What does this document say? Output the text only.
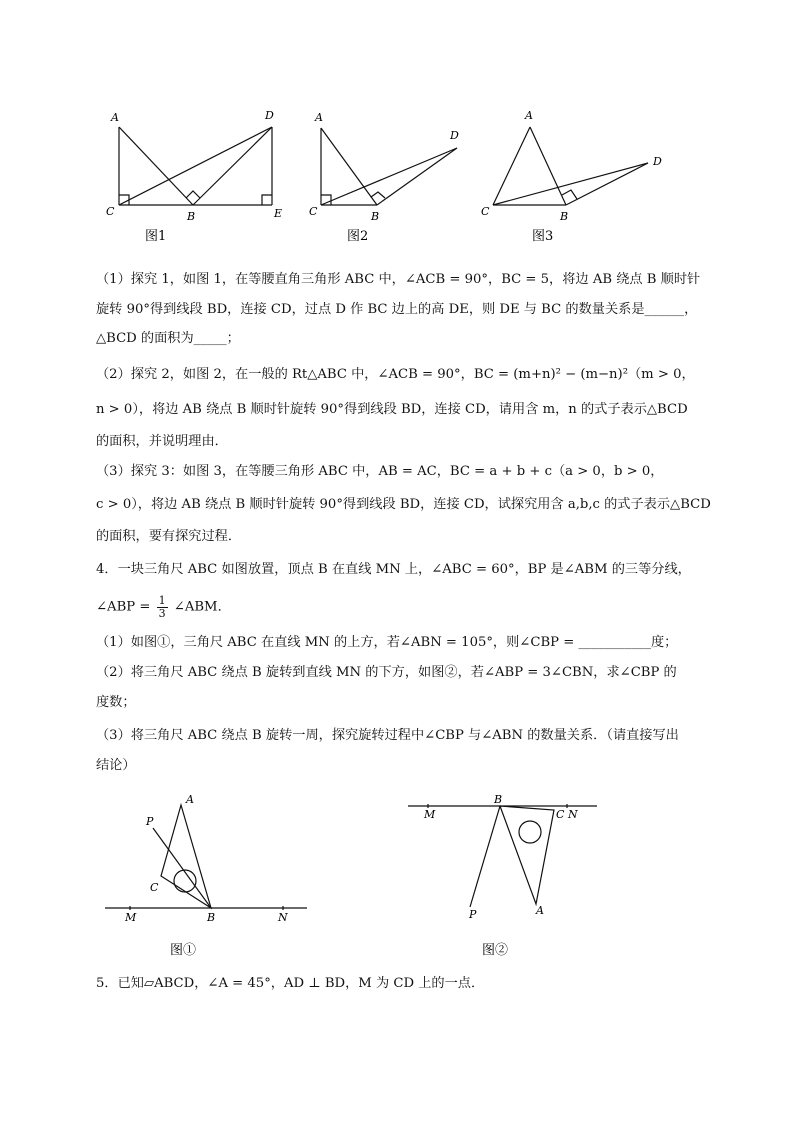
A	D
C	B	E
图1
A
D
C	B
图2
A
D
C	B
图3
（1）探究 1，如图 1，在等腰直角三角形 ABC 中，∠ACB = 90°，BC = 5，将边 AB 绕点 B 顺时针
旋转 90°得到线段 BD，连接 CD，过点 D 作 BC 边上的高 DE，则 DE 与 BC 的数量关系是______，
△BCD 的面积为_____；
（2）探究 2，如图 2，在一般的 Rt△ABC 中，∠ACB = 90°，BC = (m+n)² − (m−n)²（m > 0，
n > 0），将边 AB 绕点 B 顺时针旋转 90°得到线段 BD，连接 CD，请用含 m，n 的式子表示△BCD
的面积，并说明理由．
（3）探究 3：如图 3，在等腰三角形 ABC 中，AB = AC，BC = a + b + c（a > 0，b > 0，
c > 0），将边 AB 绕点 B 顺时针旋转 90°得到线段 BD，连接 CD，试探究用含 a,b,c 的式子表示△BCD
的面积，要有探究过程．
4．一块三角尺 ABC 如图放置，顶点 B 在直线 MN 上，∠ABC = 60°，BP 是∠ABM 的三等分线，
∠ABP = $\frac{1}{3}$ ∠ABM．
（1）如图①，三角尺 ABC 在直线 MN 的上方，若∠ABN = 105°，则∠CBP = ___________度；
（2）将三角尺 ABC 绕点 B 旋转到直线 MN 的下方，如图②，若∠ABP = 3∠CBN，求∠CBP 的
度数；
（3）将三角尺 ABC 绕点 B 旋转一周，探究旋转过程中∠CBP 与∠ABN 的数量关系．（请直接写出
结论）
A
P
C
M	B	N
图①
B
M	C N
P	A
图②
5．已知▱ABCD，∠A = 45°，AD ⊥ BD，M 为 CD 上的一点．
